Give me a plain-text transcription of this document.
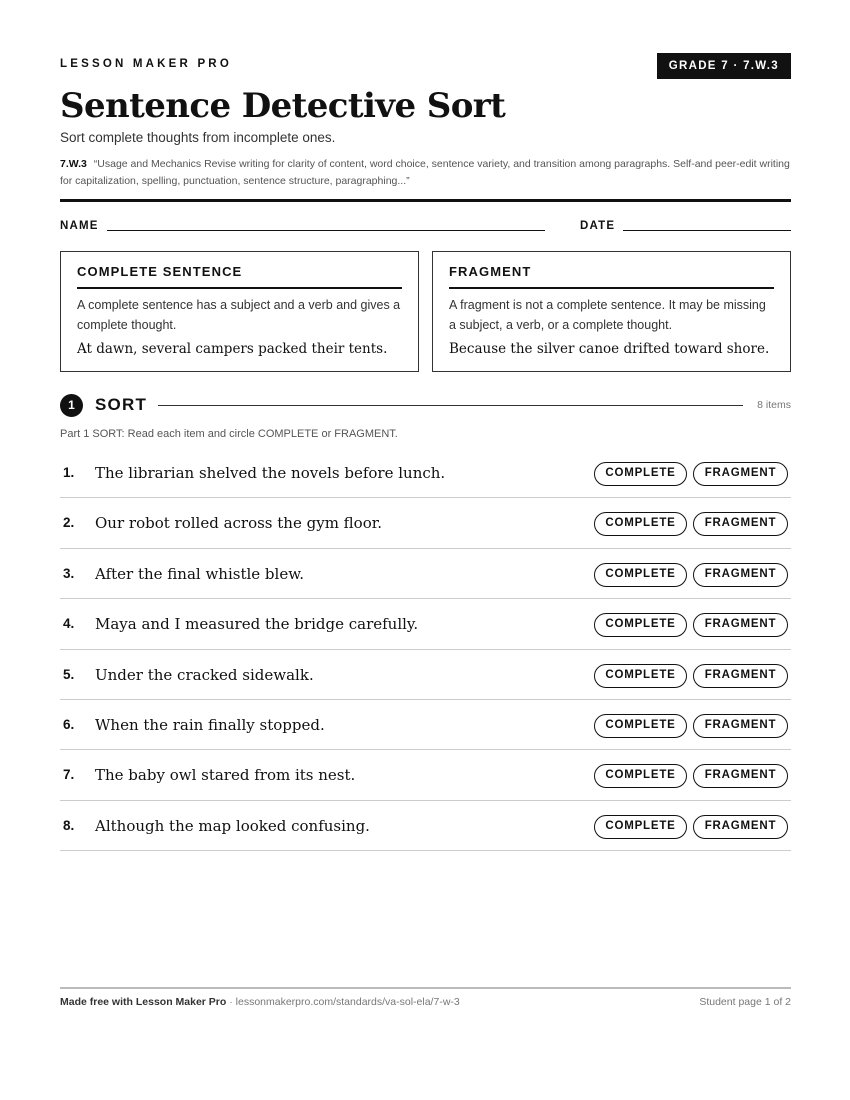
LESSON MAKER PRO	GRADE 7 · 7.W.3
Sentence Detective Sort
Sort complete thoughts from incomplete ones.
7.W.3 “Usage and Mechanics Revise writing for clarity of content, word choice, sentence variety, and transition among paragraphs. Self-and peer-edit writing for capitalization, spelling, punctuation, sentence structure, paragraphing...”
NAME	DATE
COMPLETE SENTENCE
A complete sentence has a subject and a verb and gives a complete thought.
At dawn, several campers packed their tents.
FRAGMENT
A fragment is not a complete sentence. It may be missing a subject, a verb, or a complete thought.
Because the silver canoe drifted toward shore.
1	SORT	8 items
Part 1 SORT: Read each item and circle COMPLETE or FRAGMENT.
1. The librarian shelved the novels before lunch.	COMPLETE	FRAGMENT
2. Our robot rolled across the gym floor.	COMPLETE	FRAGMENT
3. After the final whistle blew.	COMPLETE	FRAGMENT
4. Maya and I measured the bridge carefully.	COMPLETE	FRAGMENT
5. Under the cracked sidewalk.	COMPLETE	FRAGMENT
6. When the rain finally stopped.	COMPLETE	FRAGMENT
7. The baby owl stared from its nest.	COMPLETE	FRAGMENT
8. Although the map looked confusing.	COMPLETE	FRAGMENT
Made free with Lesson Maker Pro · lessonmakerpro.com/standards/va-sol-ela/7-w-3	Student page 1 of 2
